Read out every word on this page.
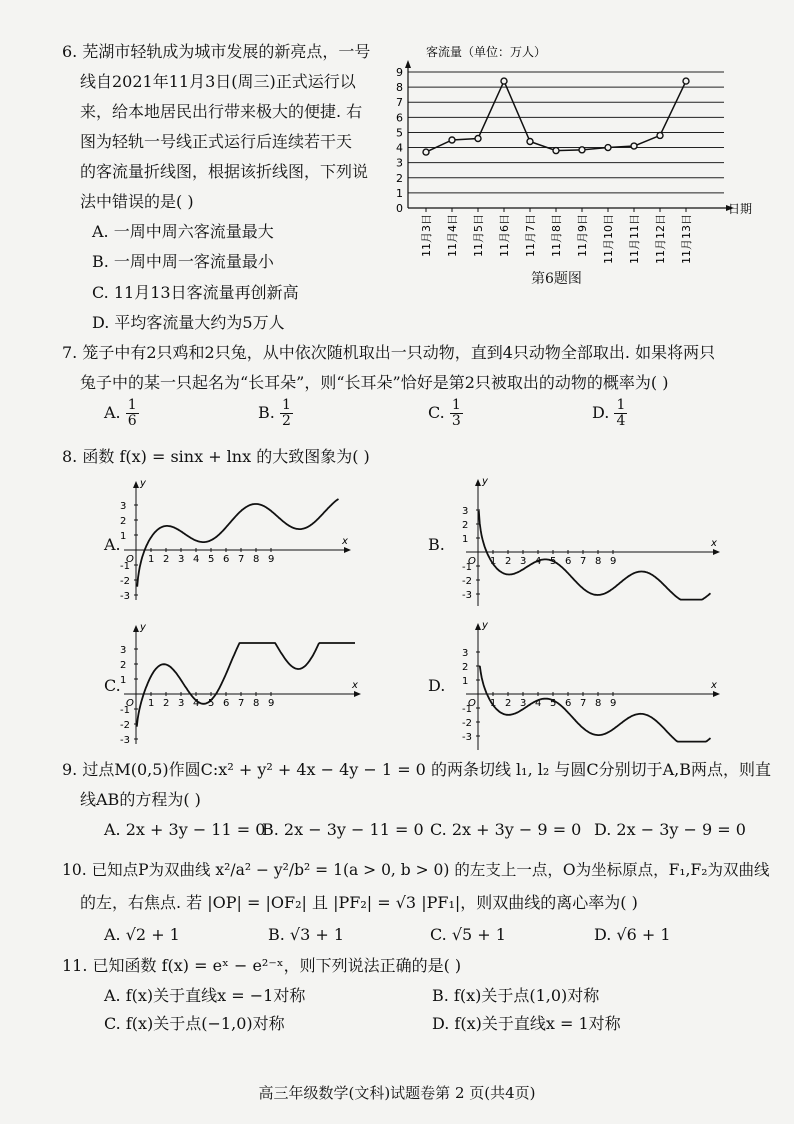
6. 芜湖市轻轨成为城市发展的新亮点，一号
线自2021年11月3日(周三)正式运行以
来，给本地居民出行带来极大的便捷. 右
图为轻轨一号线正式运行后连续若干天
的客流量折线图，根据该折线图，下列说
法中错误的是( )
A. 一周中周六客流量最大
B. 一周中周一客流量最小
C. 11月13日客流量再创新高
D. 平均客流量大约为5万人
客流量（单位：万人）
0
1
2
3
4
5
6
7
8
9
11月3日 11月4日 11月5日 11月6日 11月7日 11月8日 11月9日 11月10日 11月11日 11月12日 11月13日
日期
第6题图
7. 笼子中有2只鸡和2只兔，从中依次随机取出一只动物，直到4只动物全部取出. 如果将两只
兔子中的某一只起名为“长耳朵”，则“长耳朵”恰好是第2只被取出的动物的概率为( )
A. $\frac{1}{6}$	B. $\frac{1}{2}$	C. $\frac{1}{3}$	D. $\frac{1}{4}$
8. 函数 f(x) = sinx + lnx 的大致图象为( )
x
y
O 1 2 3 4 5 6 7 8 9
3
2
1
-1
-2
-3
x
y
O 1 2 3 4 5 6 7 8 9
3
2
1
-1
-2
-3
x
y
O 1 2 3 4 5 6 7 8 9
3
2
1
-1
-2
-3
x
y
O 1 2 3 4 5 6 7 8 9
3
2
1
-1
-2
-3
A.	B.
C.	D.
9. 过点M(0,5)作圆C:x² + y² + 4x − 4y − 1 = 0 的两条切线 l₁, l₂ 与圆C分别切于A,B两点，则直
线AB的方程为( )
A. 2x + 3y − 11 = 0
B. 2x − 3y − 11 = 0 C. 2x + 3y − 9 = 0 D. 2x − 3y − 9 = 0
10. 已知点P为双曲线 x²/a² − y²/b² = 1(a > 0, b > 0) 的左支上一点，O为坐标原点，F₁,F₂为双曲线
的左，右焦点. 若 |OP| = |OF₂| 且 |PF₂| = √3 |PF₁|，则双曲线的离心率为( )
A. √2 + 1	B. √3 + 1	C. √5 + 1	D. √6 + 1
11. 已知函数 f(x) = eˣ − e²⁻ˣ，则下列说法正确的是( )
A. f(x)关于直线x = −1对称	B. f(x)关于点(1,0)对称
C. f(x)关于点(−1,0)对称	D. f(x)关于直线x = 1对称
高三年级数学(文科)试题卷第 2 页(共4页)
